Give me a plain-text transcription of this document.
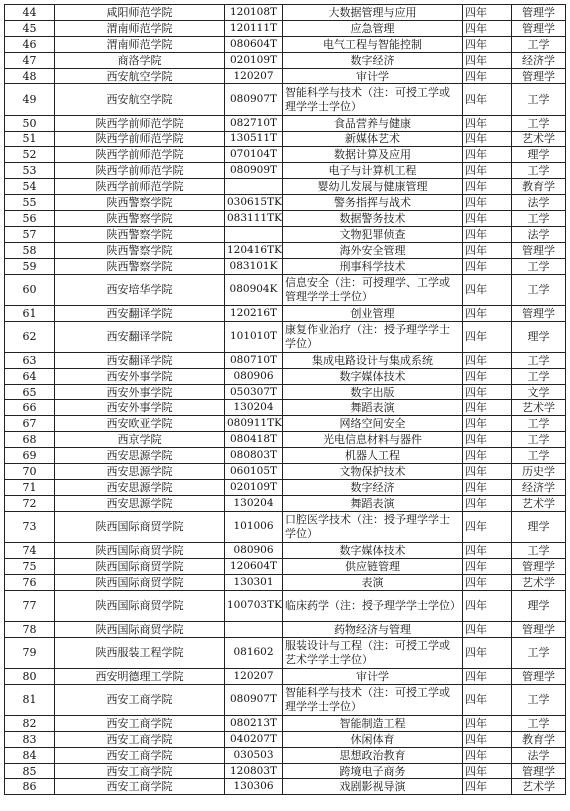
44	咸阳师范学院	120108T	大数据管理与应用	四年	管理学
45	渭南师范学院	120111T	应急管理	四年	管理学
46	渭南师范学院	080604T	电气工程与智能控制	四年	工学
47	商洛学院	020109T	数字经济	四年	经济学
48	西安航空学院	120207	审计学	四年	管理学
49	西安航空学院	080907T	智能科学与技术（注：可授工学或理学学士学位）	四年	工学
50	陕西学前师范学院	082710T	食品营养与健康	四年	工学
51	陕西学前师范学院	130511T	新媒体艺术	四年	艺术学
52	陕西学前师范学院	070104T	数据计算及应用	四年	理学
53	陕西学前师范学院	080909T	电子与计算机工程	四年	工学
54	陕西学前师范学院		婴幼儿发展与健康管理	四年	教育学
55	陕西警察学院	030615TK	警务指挥与战术	四年	法学
56	陕西警察学院	083111TK	数据警务技术	四年	工学
57	陕西警察学院		文物犯罪侦查	四年	法学
58	陕西警察学院	120416TK	海外安全管理	四年	管理学
59	陕西警察学院	083101K	刑事科学技术	四年	工学
60	西安培华学院	080904K	信息安全（注：可授理学、工学或管理学学士学位）	四年	工学
61	西安翻译学院	120216T	创业管理	四年	管理学
62	西安翻译学院	101010T	康复作业治疗（注：授予理学学士学位）	四年	理学
63	西安翻译学院	080710T	集成电路设计与集成系统	四年	工学
64	西安外事学院	080906	数字媒体技术	四年	工学
65	西安外事学院	050307T	数字出版	四年	文学
66	西安外事学院	130204	舞蹈表演	四年	艺术学
67	西安欧亚学院	080911TK	网络空间安全	四年	工学
68	西京学院	080418T	光电信息材料与器件	四年	工学
69	西安思源学院	080803T	机器人工程	四年	工学
70	西安思源学院	060105T	文物保护技术	四年	历史学
71	西安思源学院	020109T	数字经济	四年	经济学
72	西安思源学院	130204	舞蹈表演	四年	艺术学
73	陕西国际商贸学院	101006	口腔医学技术（注：授予理学学士学位）	四年	理学
74	陕西国际商贸学院	080906	数字媒体技术	四年	工学
75	陕西国际商贸学院	120604T	供应链管理	四年	管理学
76	陕西国际商贸学院	130301	表演	四年	艺术学
77	陕西国际商贸学院	100703TK	临床药学（注：授予理学学士学位）	四年	理学
78	陕西国际商贸学院		药物经济与管理	四年	管理学
79	陕西服装工程学院	081602	服装设计与工程（注：可授工学或艺术学学士学位）	四年	工学
80	西安明德理工学院	120207	审计学	四年	管理学
81	西安工商学院	080907T	智能科学与技术（注：可授工学或理学学士学位）	四年	工学
82	西安工商学院	080213T	智能制造工程	四年	工学
83	西安工商学院	040207T	休闲体育	四年	教育学
84	西安工商学院	030503	思想政治教育	四年	法学
85	西安工商学院	120803T	跨境电子商务	四年	管理学
86	西安工商学院	130306	戏剧影视导演	四年	艺术学
